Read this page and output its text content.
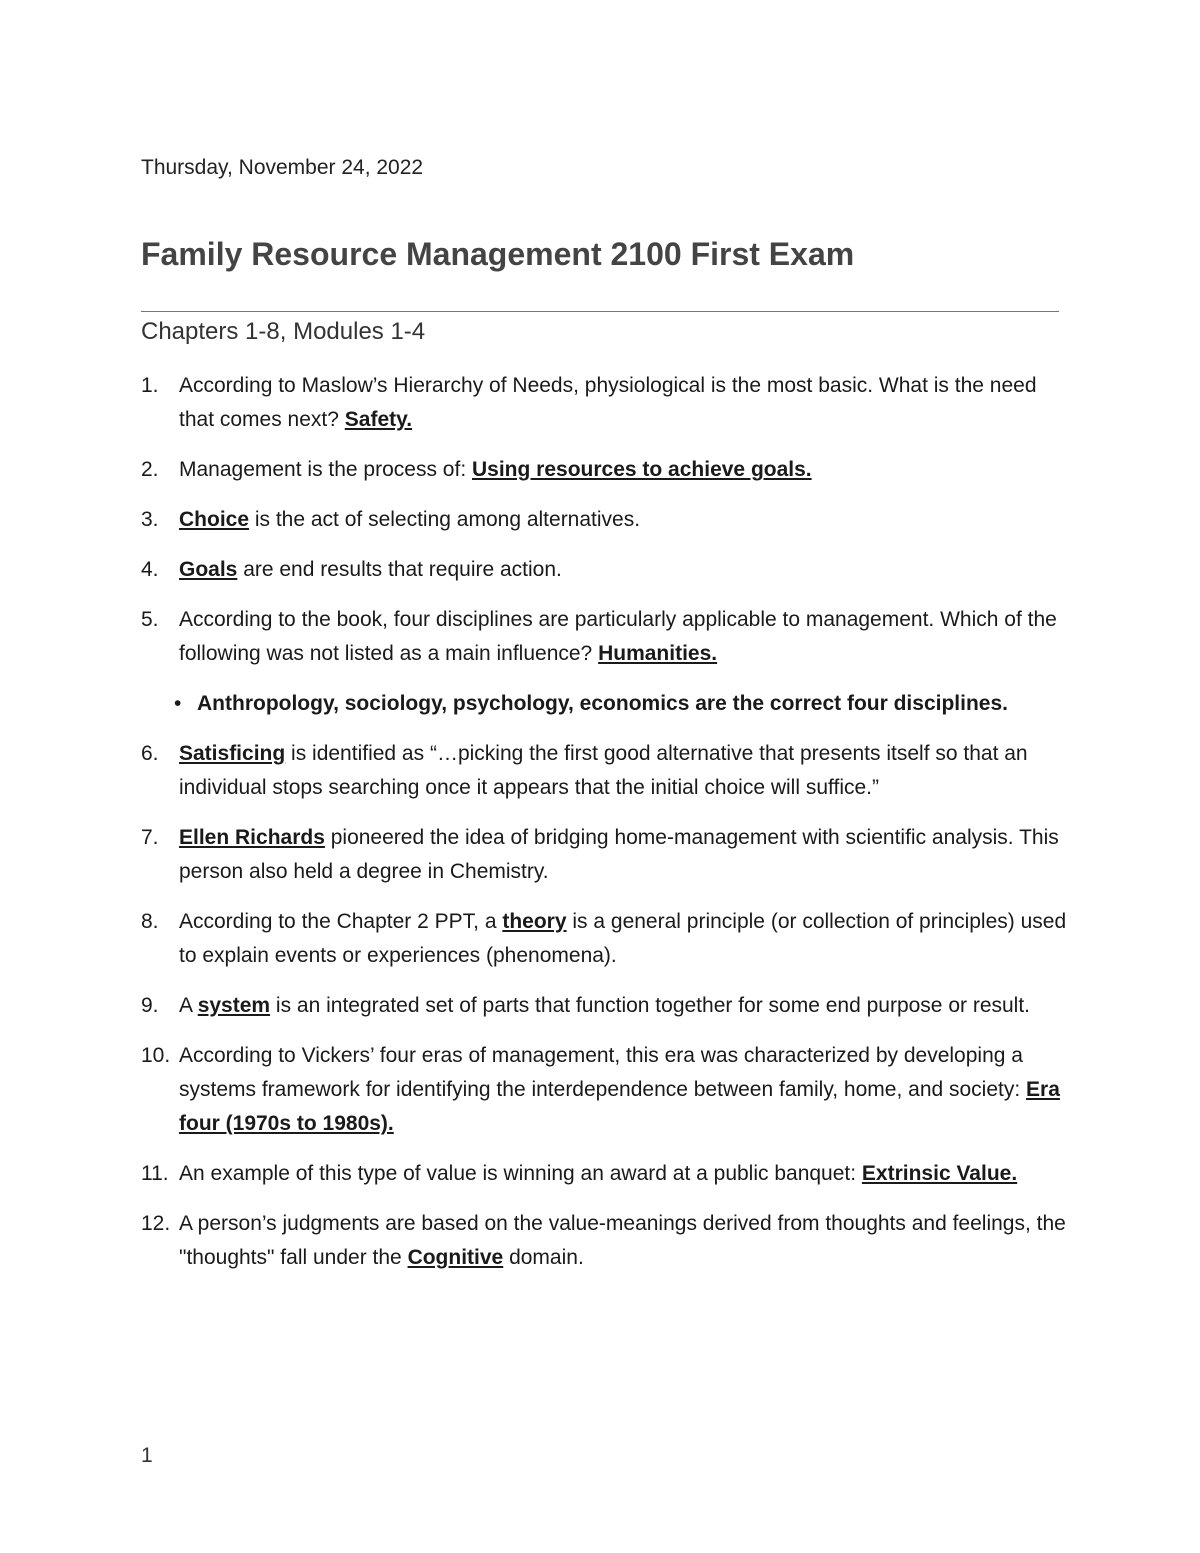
Thursday, November 24, 2022
Family Resource Management 2100 First Exam
Chapters 1-8, Modules 1-4
1. According to Maslow’s Hierarchy of Needs, physiological is the most basic. What is the need that comes next? Safety.
2. Management is the process of: Using resources to achieve goals.
3. Choice is the act of selecting among alternatives.
4. Goals are end results that require action.
5. According to the book, four disciplines are particularly applicable to management. Which of the following was not listed as a main influence? Humanities.
• Anthropology, sociology, psychology, economics are the correct four disciplines.
6. Satisficing is identified as “…picking the first good alternative that presents itself so that an individual stops searching once it appears that the initial choice will suffice.”
7. Ellen Richards pioneered the idea of bridging home-management with scientific analysis. This person also held a degree in Chemistry.
8. According to the Chapter 2 PPT, a theory is a general principle (or collection of principles) used to explain events or experiences (phenomena).
9. A system is an integrated set of parts that function together for some end purpose or result.
10. According to Vickers’ four eras of management, this era was characterized by developing a systems framework for identifying the interdependence between family, home, and society: Era four (1970s to 1980s).
11. An example of this type of value is winning an award at a public banquet: Extrinsic Value.
12. A person’s judgments are based on the value-meanings derived from thoughts and feelings, the "thoughts" fall under the Cognitive domain.
1
